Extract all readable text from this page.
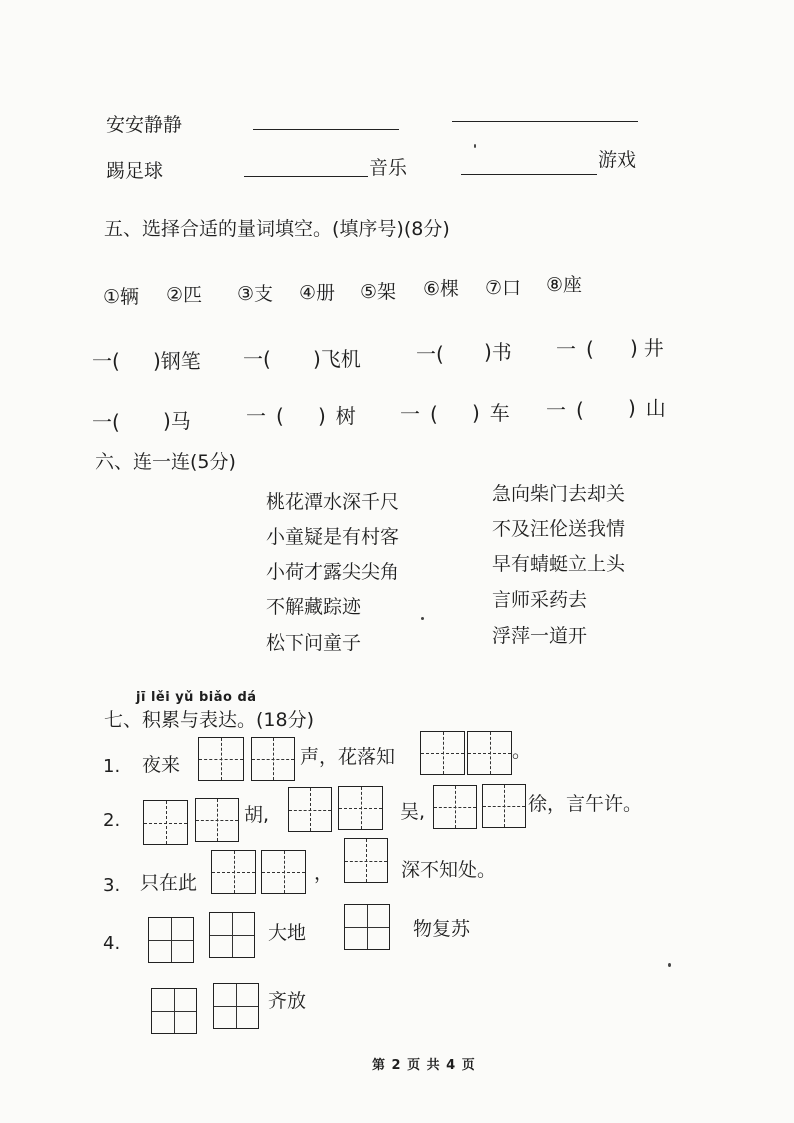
安安静静
踢足球	音乐	游戏
五、选择合适的量词填空。(填序号)(8分)
①辆 ②匹 ③支 ④册 ⑤架 ⑥棵 ⑦口 ⑧座
一( )钢笔 一( )飞机	一( )书 一( )井
一( )马	一( )树 一( )车 一( )山
六、连一连(5分)
桃花潭水深千尺
小童疑是有村客
小荷才露尖尖角
不解藏踪迹
松下问童子
急向柴门去却关
不及汪伦送我情
早有蜻蜓立上头
言师采药去
浮萍一道开
jī lěi yǔ biǎo dá
七、积累与表达。(18分)
1. 夜来	声，花落知	。
2.	胡,	吴,	徐，言午许。
3. 只在此	，	深不知处。
4.	大地	物复苏
齐放
第 2 页 共 4 页
